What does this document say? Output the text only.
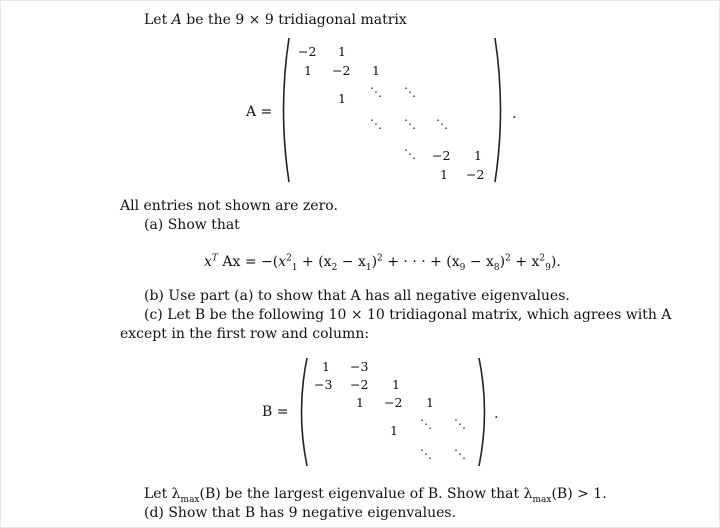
Let A be the 9 × 9 tridiagonal matrix
A =
−2 1
1 −2 1
1 ⋱ ⋱
⋱ ⋱ ⋱
⋱ −2 1
1 −2
.
All entries not shown are zero.
(a) Show that
$x^T$ $Ax = -(x^2_1 + (x_2 - x_1)^2$ + · · · + $(x_9 - x_8)^2 + x^2_9$).
(b) Use part (a) to show that A has all negative eigenvalues.
(c) Let B be the following 10 × 10 tridiagonal matrix, which agrees with A
except in the first row and column:
B =
1 −3
−3 −2 1
1 −2 1
1 ⋱ ⋱
⋱ ⋱
.
Let $\lambda_{max}(B)$ be the largest eigenvalue of B. Show that $\lambda_{max}(B) > 1$.
(d) Show that B has 9 negative eigenvalues.
